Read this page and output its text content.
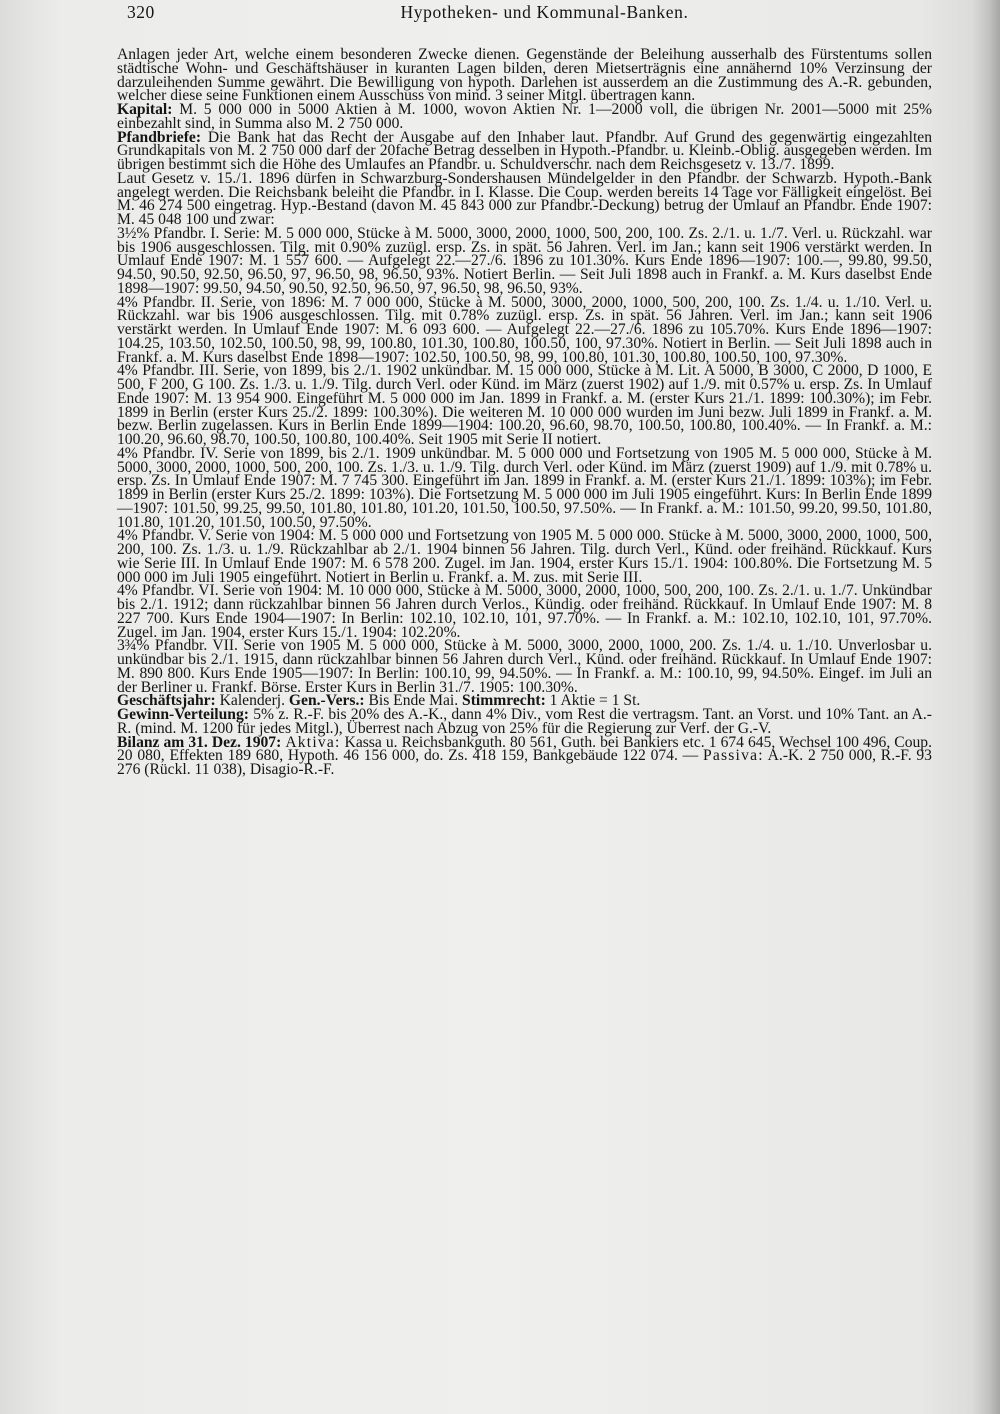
320	Hypotheken- und Kommunal-Banken.

Anlagen jeder Art, welche einem besonderen Zwecke dienen. Gegenstände der Beleihung ausserhalb des Fürstentums sollen städtische Wohn- und Geschäftshäuser in kuranten Lagen bilden, deren Mietserträgnis eine annähernd 10% Verzinsung der darzuleihenden Summe gewährt. Die Bewilligung von hypoth. Darlehen ist ausserdem an die Zustimmung des A.-R. gebunden, welcher diese seine Funktionen einem Ausschuss von mind. 3 seiner Mitgl. übertragen kann.

Kapital: M. 5 000 000 in 5000 Aktien à M. 1000, wovon Aktien Nr. 1—2000 voll, die übrigen Nr. 2001—5000 mit 25% einbezahlt sind, in Summa also M. 2 750 000.

Pfandbriefe: Die Bank hat das Recht der Ausgabe auf den Inhaber laut. Pfandbr. Auf Grund des gegenwärtig eingezahlten Grundkapitals von M. 2 750 000 darf der 20fache Betrag desselben in Hypoth.-Pfandbr. u. Kleinb.-Oblig. ausgegeben werden. Im übrigen bestimmt sich die Höhe des Umlaufes an Pfandbr. u. Schuldverschr. nach dem Reichsgesetz v. 13./7. 1899.

Laut Gesetz v. 15./1. 1896 dürfen in Schwarzburg-Sondershausen Mündelgelder in den Pfandbr. der Schwarzb. Hypoth.-Bank angelegt werden. Die Reichsbank beleiht die Pfandbr. in I. Klasse. Die Coup. werden bereits 14 Tage vor Fälligkeit eingelöst. Bei M. 46 274 500 eingetrag. Hyp.-Bestand (davon M. 45 843 000 zur Pfandbr.-Deckung) betrug der Umlauf an Pfandbr. Ende 1907: M. 45 048 100 und zwar:

3½% Pfandbr. I. Serie: M. 5 000 000, Stücke à M. 5000, 3000, 2000, 1000, 500, 200, 100. Zs. 2./1. u. 1./7. Verl. u. Rückzahl. war bis 1906 ausgeschlossen. Tilg. mit 0.90% zuzügl. ersp. Zs. in spät. 56 Jahren. Verl. im Jan.; kann seit 1906 verstärkt werden. In Umlauf Ende 1907: M. 1 557 600. — Aufgelegt 22.—27./6. 1896 zu 101.30%. Kurs Ende 1896—1907: 100.—, 99.80, 99.50, 94.50, 90.50, 92.50, 96.50, 97, 96.50, 98, 96.50, 93%. Notiert Berlin. — Seit Juli 1898 auch in Frankf. a. M. Kurs daselbst Ende 1898—1907: 99.50, 94.50, 90.50, 92.50, 96.50, 97, 96.50, 98, 96.50, 93%.

4% Pfandbr. II. Serie, von 1896: M. 7 000 000, Stücke à M. 5000, 3000, 2000, 1000, 500, 200, 100. Zs. 1./4. u. 1./10. Verl. u. Rückzahl. war bis 1906 ausgeschlossen. Tilg. mit 0.78% zuzügl. ersp. Zs. in spät. 56 Jahren. Verl. im Jan.; kann seit 1906 verstärkt werden. In Umlauf Ende 1907: M. 6 093 600. — Aufgelegt 22.—27./6. 1896 zu 105.70%. Kurs Ende 1896—1907: 104.25, 103.50, 102.50, 100.50, 98, 99, 100.80, 101.30, 100.80, 100.50, 100, 97.30%. Notiert in Berlin. — Seit Juli 1898 auch in Frankf. a. M. Kurs daselbst Ende 1898—1907: 102.50, 100.50, 98, 99, 100.80, 101.30, 100.80, 100.50, 100, 97.30%.

4% Pfandbr. III. Serie, von 1899, bis 2./1. 1902 unkündbar. M. 15 000 000, Stücke à M. Lit. A 5000, B 3000, C 2000, D 1000, E 500, F 200, G 100. Zs. 1./3. u. 1./9. Tilg. durch Verl. oder Künd. im März (zuerst 1902) auf 1./9. mit 0.57% u. ersp. Zs. In Umlauf Ende 1907: M. 13 954 900. Eingeführt M. 5 000 000 im Jan. 1899 in Frankf. a. M. (erster Kurs 21./1. 1899: 100.30%); im Febr. 1899 in Berlin (erster Kurs 25./2. 1899: 100.30%). Die weiteren M. 10 000 000 wurden im Juni bezw. Juli 1899 in Frankf. a. M. bezw. Berlin zugelassen. Kurs in Berlin Ende 1899—1904: 100.20, 96.60, 98.70, 100.50, 100.80, 100.40%. — In Frankf. a. M.: 100.20, 96.60, 98.70, 100.50, 100.80, 100.40%. Seit 1905 mit Serie II notiert.

4% Pfandbr. IV. Serie von 1899, bis 2./1. 1909 unkündbar. M. 5 000 000 und Fortsetzung von 1905 M. 5 000 000, Stücke à M. 5000, 3000, 2000, 1000, 500, 200, 100. Zs. 1./3. u. 1./9. Tilg. durch Verl. oder Künd. im März (zuerst 1909) auf 1./9. mit 0.78% u. ersp. Zs. In Umlauf Ende 1907: M. 7 745 300. Eingeführt im Jan. 1899 in Frankf. a. M. (erster Kurs 21./1. 1899: 103%); im Febr. 1899 in Berlin (erster Kurs 25./2. 1899: 103%). Die Fortsetzung M. 5 000 000 im Juli 1905 eingeführt. Kurs: In Berlin Ende 1899—1907: 101.50, 99.25, 99.50, 101.80, 101.80, 101.20, 101.50, 100.50, 97.50%. — In Frankf. a. M.: 101.50, 99.20, 99.50, 101.80, 101.80, 101.20, 101.50, 100.50, 97.50%.

4% Pfandbr. V. Serie von 1904: M. 5 000 000 und Fortsetzung von 1905 M. 5 000 000. Stücke à M. 5000, 3000, 2000, 1000, 500, 200, 100. Zs. 1./3. u. 1./9. Rückzahlbar ab 2./1. 1904 binnen 56 Jahren. Tilg. durch Verl., Künd. oder freihänd. Rückkauf. Kurs wie Serie III. In Umlauf Ende 1907: M. 6 578 200. Zugel. im Jan. 1904, erster Kurs 15./1. 1904: 100.80%. Die Fortsetzung M. 5 000 000 im Juli 1905 eingeführt. Notiert in Berlin u. Frankf. a. M. zus. mit Serie III.

4% Pfandbr. VI. Serie von 1904: M. 10 000 000, Stücke à M. 5000, 3000, 2000, 1000, 500, 200, 100. Zs. 2./1. u. 1./7. Unkündbar bis 2./1. 1912; dann rückzahlbar binnen 56 Jahren durch Verlos., Kündig. oder freihänd. Rückkauf. In Umlauf Ende 1907: M. 8 227 700. Kurs Ende 1904—1907: In Berlin: 102.10, 102.10, 101, 97.70%. — In Frankf. a. M.: 102.10, 102.10, 101, 97.70%. Zugel. im Jan. 1904, erster Kurs 15./1. 1904: 102.20%.

3¾% Pfandbr. VII. Serie von 1905 M. 5 000 000, Stücke à M. 5000, 3000, 2000, 1000, 200. Zs. 1./4. u. 1./10. Unverlosbar u. unkündbar bis 2./1. 1915, dann rückzahlbar binnen 56 Jahren durch Verl., Künd. oder freihänd. Rückkauf. In Umlauf Ende 1907: M. 890 800. Kurs Ende 1905—1907: In Berlin: 100.10, 99, 94.50%. — In Frankf. a. M.: 100.10, 99, 94.50%. Eingef. im Juli an der Berliner u. Frankf. Börse. Erster Kurs in Berlin 31./7. 1905: 100.30%.

Geschäftsjahr: Kalenderj. Gen.-Vers.: Bis Ende Mai. Stimmrecht: 1 Aktie = 1 St.

Gewinn-Verteilung: 5% z. R.-F. bis 20% des A.-K., dann 4% Div., vom Rest die vertragsm. Tant. an Vorst. und 10% Tant. an A.-R. (mind. M. 1200 für jedes Mitgl.), Überrest nach Abzug von 25% für die Regierung zur Verf. der G.-V.

Bilanz am 31. Dez. 1907: Aktiva: Kassa u. Reichsbankguth. 80 561, Guth. bei Bankiers etc. 1 674 645, Wechsel 100 496, Coup. 20 080, Effekten 189 680, Hypoth. 46 156 000, do. Zs. 418 159, Bankgebäude 122 074. — Passiva: A.-K. 2 750 000, R.-F. 93 276 (Rückl. 11 038), Disagio-R.-F.
